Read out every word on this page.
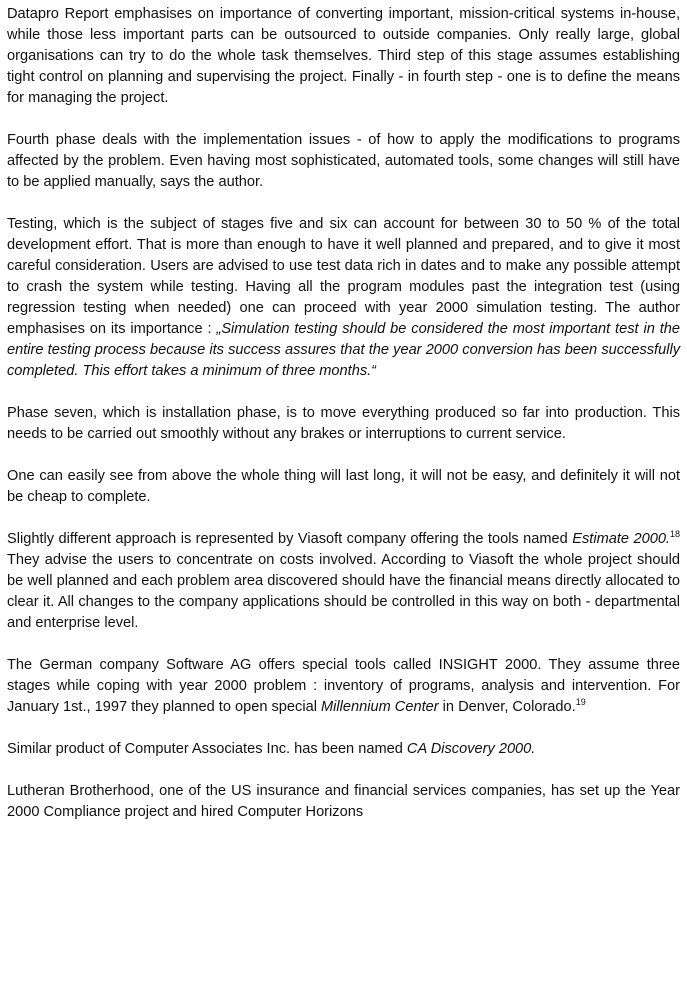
Datapro Report emphasises on importance of converting important, mission-critical systems in-house, while those less important parts can be outsourced to outside companies. Only really large, global organisations can try to do the whole task themselves. Third step of this stage assumes establishing tight control on planning and supervising the project. Finally - in fourth step - one is to define the means for managing the project.

Fourth phase deals with the implementation issues - of how to apply the modifications to programs affected by the problem. Even having most sophisticated, automated tools, some changes will still have to be applied manually, says the author.

Testing, which is the subject of stages five and six can account for between 30 to 50 % of the total development effort. That is more than enough to have it well planned and prepared, and to give it most careful consideration. Users are advised to use test data rich in dates and to make any possible attempt to crash the system while testing. Having all the program modules past the integration test (using regression testing when needed) one can proceed with year 2000 simulation testing. The author emphasises on its importance : „Simulation testing should be considered the most important test in the entire testing process because its success assures that the year 2000 conversion has been successfully completed. This effort takes a minimum of three months.“

Phase seven, which is installation phase, is to move everything produced so far into production. This needs to be carried out smoothly without any brakes or interruptions to current service.

One can easily see from above the whole thing will last long, it will not be easy, and definitely it will not be cheap to complete.

Slightly different approach is represented by Viasoft company offering the tools named Estimate 2000.18 They advise the users to concentrate on costs involved. According to Viasoft the whole project should be well planned and each problem area discovered should have the financial means directly allocated to clear it. All changes to the company applications should be controlled in this way on both - departmental and enterprise level.

The German company Software AG offers special tools called INSIGHT 2000. They assume three stages while coping with year 2000 problem : inventory of programs, analysis and intervention. For January 1st., 1997 they planned to open special Millennium Center in Denver, Colorado.$^{19}$

Similar product of Computer Associates Inc. has been named CA Discovery 2000.

Lutheran Brotherhood, one of the US insurance and financial services companies, has set up the Year 2000 Compliance project and hired Computer Horizons
